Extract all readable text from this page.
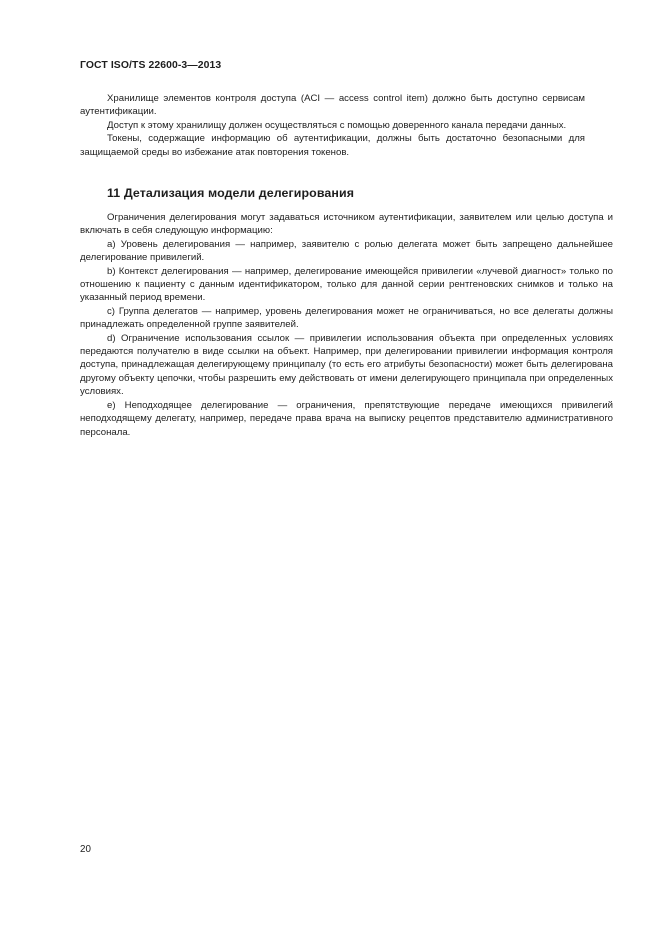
ГОСТ ISO/TS 22600-3—2013

Хранилище элементов контроля доступа (ACI — access control item) должно быть доступно сервисам аутентификации.

Доступ к этому хранилищу должен осуществляться с помощью доверенного канала передачи данных.

Токены, содержащие информацию об аутентификации, должны быть достаточно безопасными для защищаемой среды во избежание атак повторения токенов.

11 Детализация модели делегирования

Ограничения делегирования могут задаваться источником аутентификации, заявителем или целью доступа и включать в себя следующую информацию:

a) Уровень делегирования — например, заявителю с ролью делегата может быть запрещено дальнейшее делегирование привилегий.

b) Контекст делегирования — например, делегирование имеющейся привилегии «лучевой диагност» только по отношению к пациенту с данным идентификатором, только для данной серии рентгеновских снимков и только на указанный период времени.

c) Группа делегатов — например, уровень делегирования может не ограничиваться, но все делегаты должны принадлежать определенной группе заявителей.

d) Ограничение использования ссылок — привилегии использования объекта при определенных условиях передаются получателю в виде ссылки на объект. Например, при делегировании привилегии информация контроля доступа, принадлежащая делегирующему принципалу (то есть его атрибуты безопасности) может быть делегирована другому объекту цепочки, чтобы разрешить ему действовать от имени делегирующего принципала при определенных условиях.

e) Неподходящее делегирование — ограничения, препятствующие передаче имеющихся привилегий неподходящему делегату, например, передаче права врача на выписку рецептов представителю административного персонала.

20
